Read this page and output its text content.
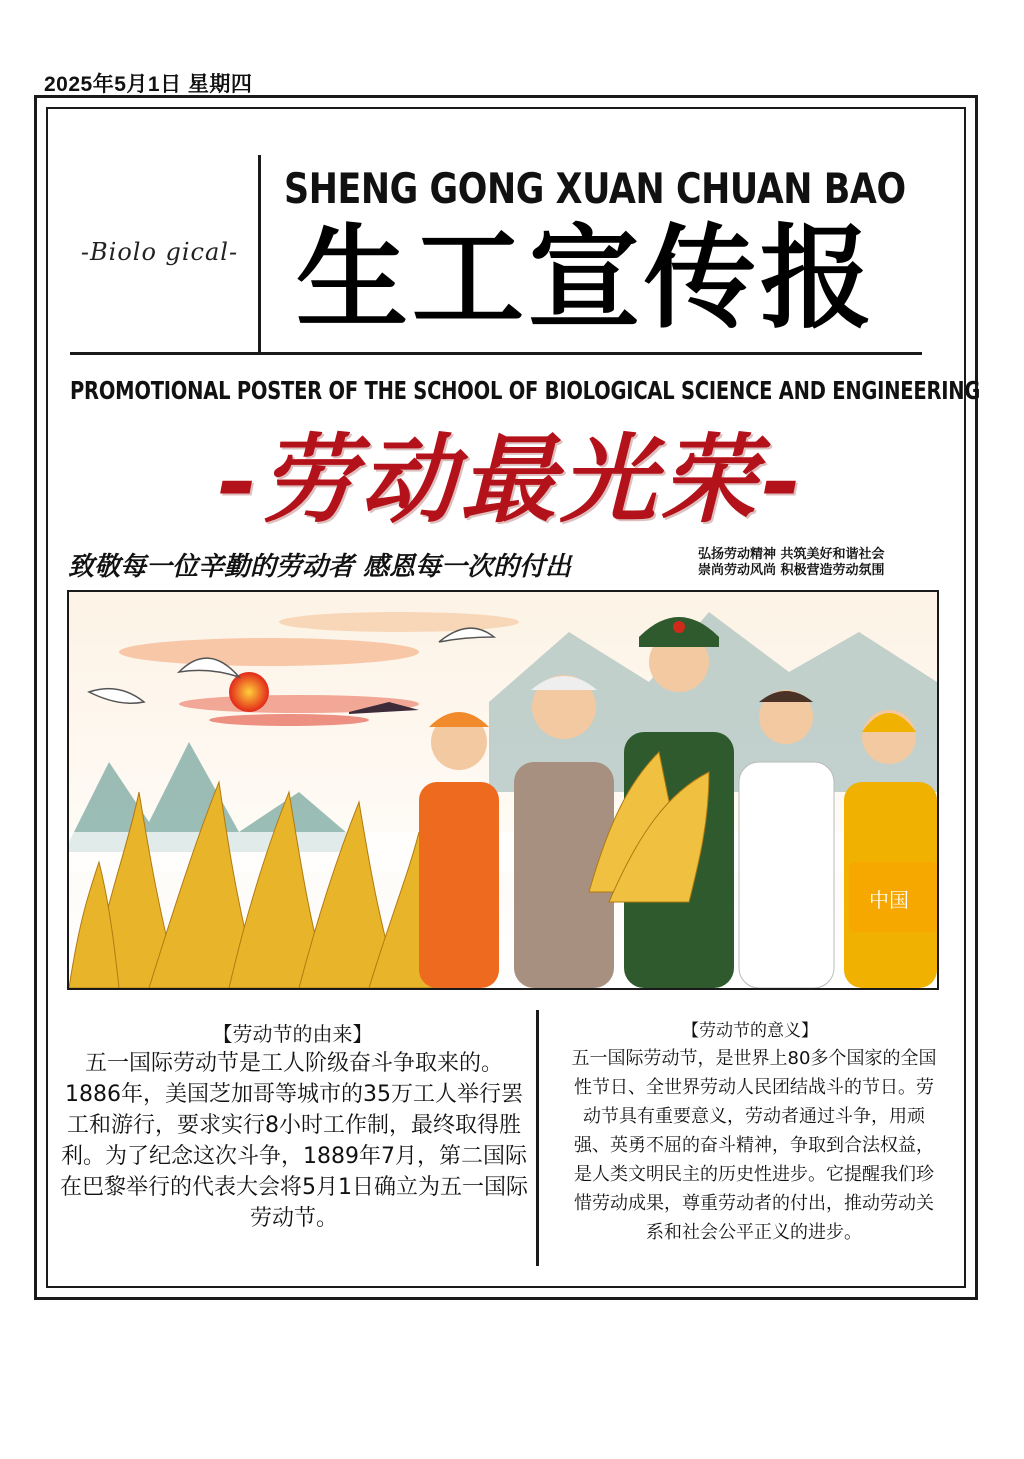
2025年5月1日 星期四
-Biolo gical-
SHENG GONG XUAN CHUAN BAO
生工宣传报
PROMOTIONAL POSTER OF THE SCHOOL OF BIOLOGICAL SCIENCE AND ENGINEERING
-劳动最光荣-
致敬每一位辛勤的劳动者 感恩每一次的付出	弘扬劳动精神 共筑美好和谐社会
崇尚劳动风尚 积极营造劳动氛围
中国
【劳动节的由来】
五一国际劳动节是工人阶级奋斗争取来的。1886年，美国芝加哥等城市的35万工人举行罢工和游行，要求实行8小时工作制，最终取得胜利。为了纪念这次斗争，1889年7月，第二国际在巴黎举行的代表大会将5月1日确立为五一国际劳动节。
【劳动节的意义】
五一国际劳动节，是世界上80多个国家的全国性节日、全世界劳动人民团结战斗的节日。劳动节具有重要意义，劳动者通过斗争，用顽强、英勇不屈的奋斗精神，争取到合法权益，是人类文明民主的历史性进步。它提醒我们珍惜劳动成果，尊重劳动者的付出，推动劳动关系和社会公平正义的进步。
